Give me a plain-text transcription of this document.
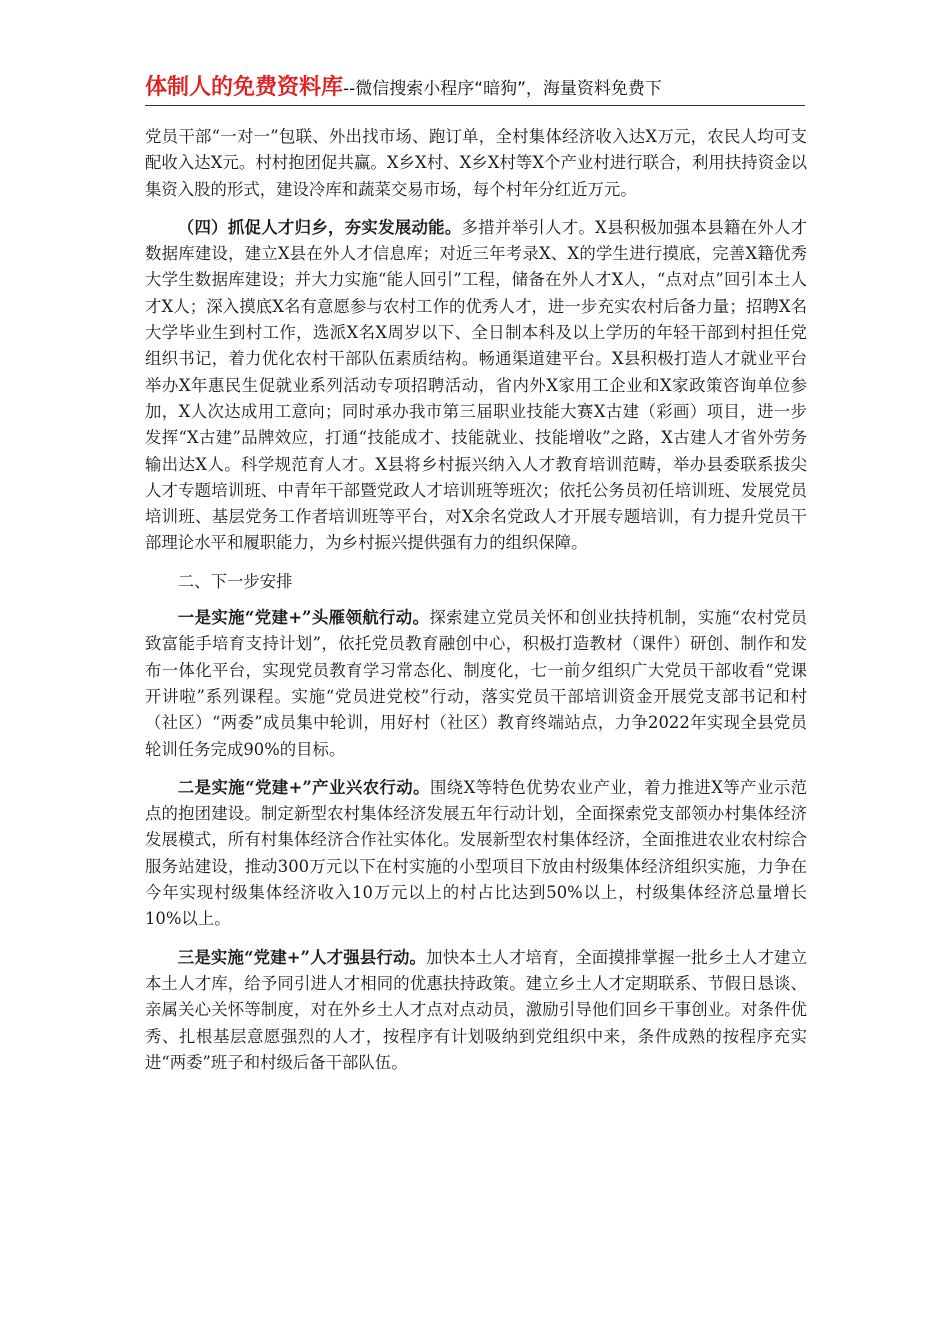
体制人的免费资料库--微信搜索小程序“暗狗”，海量资料免费下

党员干部“一对一”包联、外出找市场、跑订单，全村集体经济收入达X万元，农民人均可支配收入达X元。村村抱团促共赢。X乡X村、X乡X村等X个产业村进行联合，利用扶持资金以集资入股的形式，建设冷库和蔬菜交易市场，每个村年分红近万元。

（四）抓促人才归乡，夯实发展动能。多措并举引人才。X县积极加强本县籍在外人才数据库建设，建立X县在外人才信息库；对近三年考录X、X的学生进行摸底，完善X籍优秀大学生数据库建设；并大力实施“能人回引”工程，储备在外人才X人，“点对点”回引本土人才X人；深入摸底X名有意愿参与农村工作的优秀人才，进一步充实农村后备力量；招聘X名大学毕业生到村工作，选派X名X周岁以下、全日制本科及以上学历的年轻干部到村担任党组织书记，着力优化农村干部队伍素质结构。畅通渠道建平台。X县积极打造人才就业平台举办X年惠民生促就业系列活动专项招聘活动，省内外X家用工企业和X家政策咨询单位参加，X人次达成用工意向；同时承办我市第三届职业技能大赛X古建（彩画）项目，进一步发挥“X古建”品牌效应，打通“技能成才、技能就业、技能增收”之路，X古建人才省外劳务输出达X人。科学规范育人才。X县将乡村振兴纳入人才教育培训范畴，举办县委联系拔尖人才专题培训班、中青年干部暨党政人才培训班等班次；依托公务员初任培训班、发展党员培训班、基层党务工作者培训班等平台，对X余名党政人才开展专题培训，有力提升党员干部理论水平和履职能力，为乡村振兴提供强有力的组织保障。

二、下一步安排

一是实施“党建+”头雁领航行动。探索建立党员关怀和创业扶持机制，实施“农村党员致富能手培育支持计划”，依托党员教育融创中心，积极打造教材（课件）研创、制作和发布一体化平台，实现党员教育学习常态化、制度化，七一前夕组织广大党员干部收看“党课开讲啦”系列课程。实施“党员进党校”行动，落实党员干部培训资金开展党支部书记和村（社区）“两委”成员集中轮训，用好村（社区）教育终端站点，力争2022年实现全县党员轮训任务完成90%的目标。

二是实施“党建+”产业兴农行动。围绕X等特色优势农业产业，着力推进X等产业示范点的抱团建设。制定新型农村集体经济发展五年行动计划，全面探索党支部领办村集体经济发展模式，所有村集体经济合作社实体化。发展新型农村集体经济，全面推进农业农村综合服务站建设，推动300万元以下在村实施的小型项目下放由村级集体经济组织实施，力争在今年实现村级集体经济收入10万元以上的村占比达到50%以上，村级集体经济总量增长10%以上。

三是实施“党建+”人才强县行动。加快本土人才培育，全面摸排掌握一批乡土人才建立本土人才库，给予同引进人才相同的优惠扶持政策。建立乡土人才定期联系、节假日恳谈、亲属关心关怀等制度，对在外乡土人才点对点动员，激励引导他们回乡干事创业。对条件优秀、扎根基层意愿强烈的人才，按程序有计划吸纳到党组织中来，条件成熟的按程序充实进“两委”班子和村级后备干部队伍。
